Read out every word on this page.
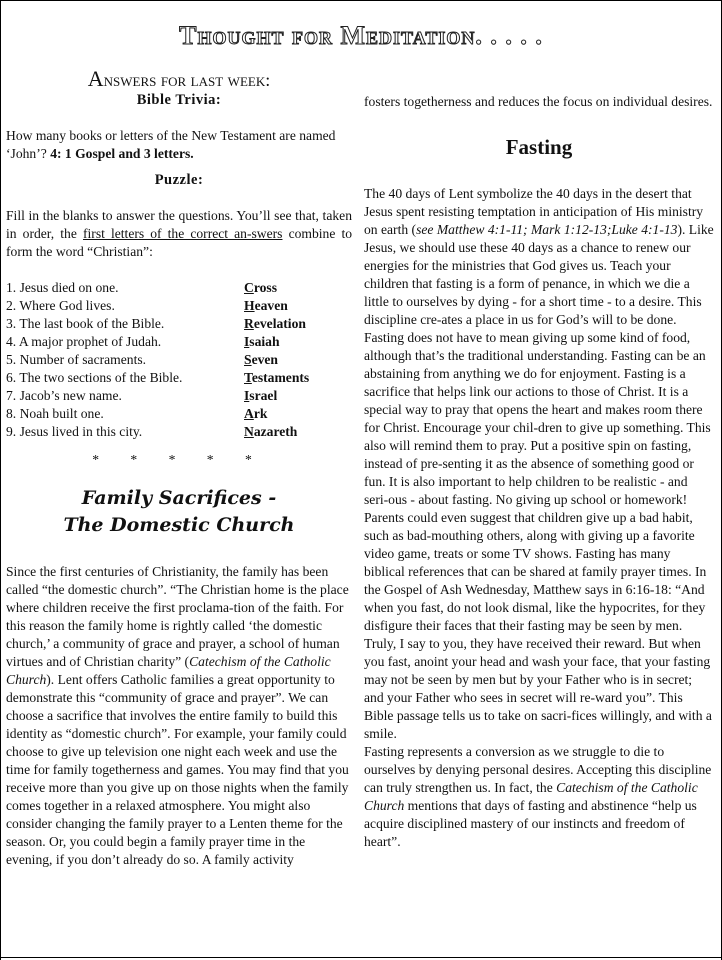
Thought for Meditation. . . . .
Answers for last week:
Bible Trivia:

How many books or letters of the New Testament are named ‘John’? 4: 1 Gospel and 3 letters.

Puzzle:

Fill in the blanks to answer the questions. You’ll see that, taken in order, the first letters of the correct an-swers combine to form the word “Christian”:

1. Jesus died on one.	Cross
2. Where God lives.	Heaven
3. The last book of the Bible.	Revelation
4. A major prophet of Judah.	Isaiah
5. Number of sacraments.	Seven
6. The two sections of the Bible.	Testaments
7. Jacob’s new name.	Israel
8. Noah built one.	Ark
9. Jesus lived in this city.	Nazareth
* * * * *
Family Sacrifices -
The Domestic Church

Since the first centuries of Christianity, the family has been called “the domestic church”. “The Christian home is the place where children receive the first proclama-tion of the faith. For this reason the family home is rightly called ‘the domestic church,’ a community of grace and prayer, a school of human virtues and of Christian charity” (Catechism of the Catholic Church). Lent offers Catholic families a great opportunity to demonstrate this “community of grace and prayer”. We can choose a sacrifice that involves the entire family to build this identity as “domestic church”. For example, your family could choose to give up television one night each week and use the time for family togetherness and games. You may find that you receive more than you give up on those nights when the family comes together in a relaxed atmosphere. You might also consider changing the family prayer to a Lenten theme for the season. Or, you could begin a family prayer time in the evening, if you don’t already do so. A family activity

fosters togetherness and reduces the focus on individual desires.

Fasting

The 40 days of Lent symbolize the 40 days in the desert that Jesus spent resisting temptation in anticipation of His ministry on earth (see Matthew 4:1-11; Mark 1:12-13;Luke 4:1-13). Like Jesus, we should use these 40 days as a chance to renew our energies for the ministries that God gives us. Teach your children that fasting is a form of penance, in which we die a little to ourselves by dying - for a short time - to a desire. This discipline cre-ates a place in us for God’s will to be done. Fasting does not have to mean giving up some kind of food, although that’s the traditional understanding. Fasting can be an abstaining from anything we do for enjoyment. Fasting is a sacrifice that helps link our actions to those of Christ. It is a special way to pray that opens the heart and makes room there for Christ. Encourage your chil-dren to give up something. This also will remind them to pray. Put a positive spin on fasting, instead of pre-senting it as the absence of something good or fun. It is also important to help children to be realistic - and seri-ous - about fasting. No giving up school or homework! Parents could even suggest that children give up a bad habit, such as bad-mouthing others, along with giving up a favorite video game, treats or some TV shows. Fasting has many biblical references that can be shared at family prayer times. In the Gospel of Ash Wednesday, Matthew says in 6:16-18: “And when you fast, do not look dismal, like the hypocrites, for they disfigure their faces that their fasting may be seen by men. Truly, I say to you, they have received their reward. But when you fast, anoint your head and wash your face, that your fasting may not be seen by men but by your Father who is in secret; and your Father who sees in secret will re-ward you”. This Bible passage tells us to take on sacri-fices willingly, and with a smile.

Fasting represents a conversion as we struggle to die to ourselves by denying personal desires. Accepting this discipline can truly strengthen us. In fact, the Catechism of the Catholic Church mentions that days of fasting and abstinence “help us acquire disciplined mastery of our instincts and freedom of heart”.
